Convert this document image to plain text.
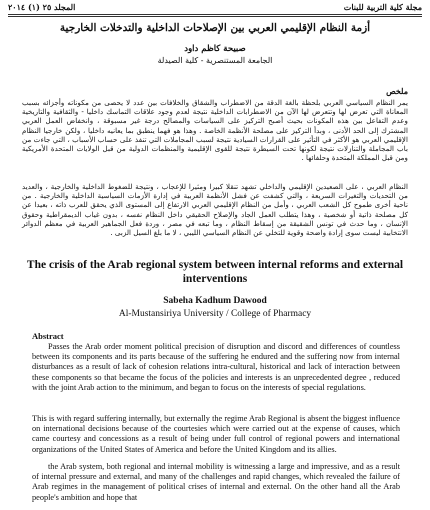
مجلة كلية التربية للبنات
المجلد ٢٥ (١) ٢٠١٤
أزمة النظام الإقليمي العربي بين الإصلاحات الداخلية والتدخلات الخارجية
صبيحة كاظم داود
الجامعة المستنصرية - كلية الصيدلة
ملخص
يمر النظام السياسي العربي بلحظة بالغة الدقة من الاضطراب والشقاق والخلافات بين عدد لا يحصى من مكوناته وأجزائه بسبب المعاناة التي تعرض لها وتتعرض لها الآن من الاضطرابات الداخلية نتيجة لعدم وجود علاقات التماسك داخليا - والثقافية والتاريخية وعدم التفاعل بين هذه المكونات بحيث أصبح التركيز على السياسات والمصالح درجة غير مسبوقة ، وانخفاض العمل العربي المشترك إلى الحد الأدنى ، وبدأ التركيز على مصلحة الأنظمة الخاصة . وهذا هو فهما ينطبق بما يعانيه داخليا ، ولكن خارجيا النظام الإقليمي العربي هو الأكثر في التأثير على القرارات السيادية نتيجة لسبب المجاملات التي تنفذ على حساب الأسباب ، التي جاءت من باب المجاملة والتنازلات نتيجة لكونها تحت السيطرة نتيجة للقوى الإقليمية والمنظمات الدولية من قبل الولايات المتحدة الأمريكية ومن قبل المملكة المتحدة وحلفائها .
النظام العربي ، على الصعيدين الإقليمي والداخلي تشهد تنقلا كبيرا ومثيرا للإعجاب ، ونتيجة للضغوط الداخلية والخارجية ، والعديد من التحديات والتغيرات السريعة ، والتي كشفت عن فشل الأنظمة العربية في إدارة الأزمات السياسية الداخلية والخارجية . من ناحية أخرى طموح كل الشعب العربي ، وأمل من النظام الإقليمي العربي الارتفاع إلى المستوى الذي يحقق للعرب ذاته ، بعيدا عن كل مصلحة ذاتية أو شخصية ، وهذا يتطلب العمل الجاد والإصلاح الحقيقي داخل النظام نفسه ، بدون غياب الديمقراطية وحقوق الإنسان ، وما حدث في تونس الشقيقة من إسقاط النظام ، وما تبعه في مصر ، وردة فعل الجماهير العربية في معظم الدوائر الانتخابية ليست سوى إرادة واضحة وقوية للتخلي عن النظام السياسي الليبي ، لا ما بلغ السيل الزبى .
The crisis of the Arab regional system between internal reforms and external interventions
Sabeha Kadhum Dawood
Al-Mustansiriya University / College of Pharmacy
Abstract
Passes the Arab order moment political precision of disruption and discord and differences of countless between its components and its parts because of the suffering he endured and the suffering now from internal disturbances as a result of lack of cohesion relations intra-cultural, historical and lack of interaction between these components so that became the focus of the policies and interests is an unprecedented degree , reduced with the joint Arab action to the minimum, and began to focus on the interests of special regulations.
This is with regard suffering internally, but externally the regime Arab Regional is absent the biggest influence on international decisions because of the courtesies which were carried out at the expense of causes, which came courtesy and concessions as a result of being under full control of regional powers and international organizations of the United States of America and before the United Kingdom and its allies.
the Arab system, both regional and internal mobility is witnessing a large and impressive, and as a result of internal pressure and external, and many of the challenges and rapid changes, which revealed the failure of Arab regimes in the management of political crises of internal and external. On the other hand all the Arab people's ambition and hope that
